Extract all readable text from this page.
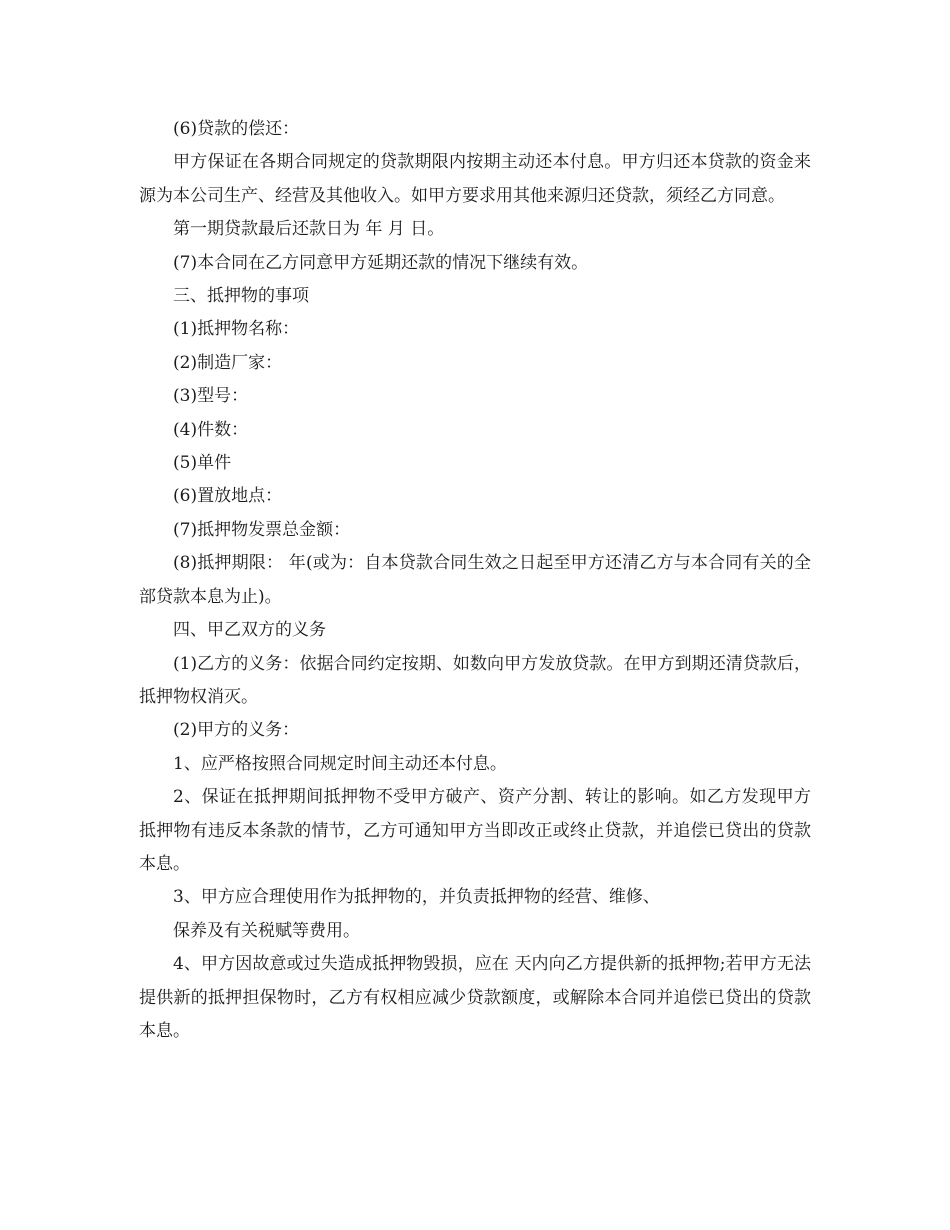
(6)贷款的偿还：

甲方保证在各期合同规定的贷款期限内按期主动还本付息。甲方归还本贷款的资金来源为本公司生产、经营及其他收入。如甲方要求用其他来源归还贷款，须经乙方同意。

第一期贷款最后还款日为 年 月 日。

(7)本合同在乙方同意甲方延期还款的情况下继续有效。

三、抵押物的事项

(1)抵押物名称：

(2)制造厂家：

(3)型号：

(4)件数：

(5)单件

(6)置放地点：

(7)抵押物发票总金额：

(8)抵押期限： 年(或为：自本贷款合同生效之日起至甲方还清乙方与本合同有关的全部贷款本息为止)。

四、甲乙双方的义务

(1)乙方的义务：依据合同约定按期、如数向甲方发放贷款。在甲方到期还清贷款后，抵押物权消灭。

(2)甲方的义务：

1、应严格按照合同规定时间主动还本付息。

2、保证在抵押期间抵押物不受甲方破产、资产分割、转让的影响。如乙方发现甲方抵押物有违反本条款的情节，乙方可通知甲方当即改正或终止贷款，并追偿已贷出的贷款本息。

3、甲方应合理使用作为抵押物的，并负责抵押物的经营、维修、

保养及有关税赋等费用。

4、甲方因故意或过失造成抵押物毁损，应在 天内向乙方提供新的抵押物;若甲方无法提供新的抵押担保物时，乙方有权相应减少贷款额度，或解除本合同并追偿已贷出的贷款本息。
